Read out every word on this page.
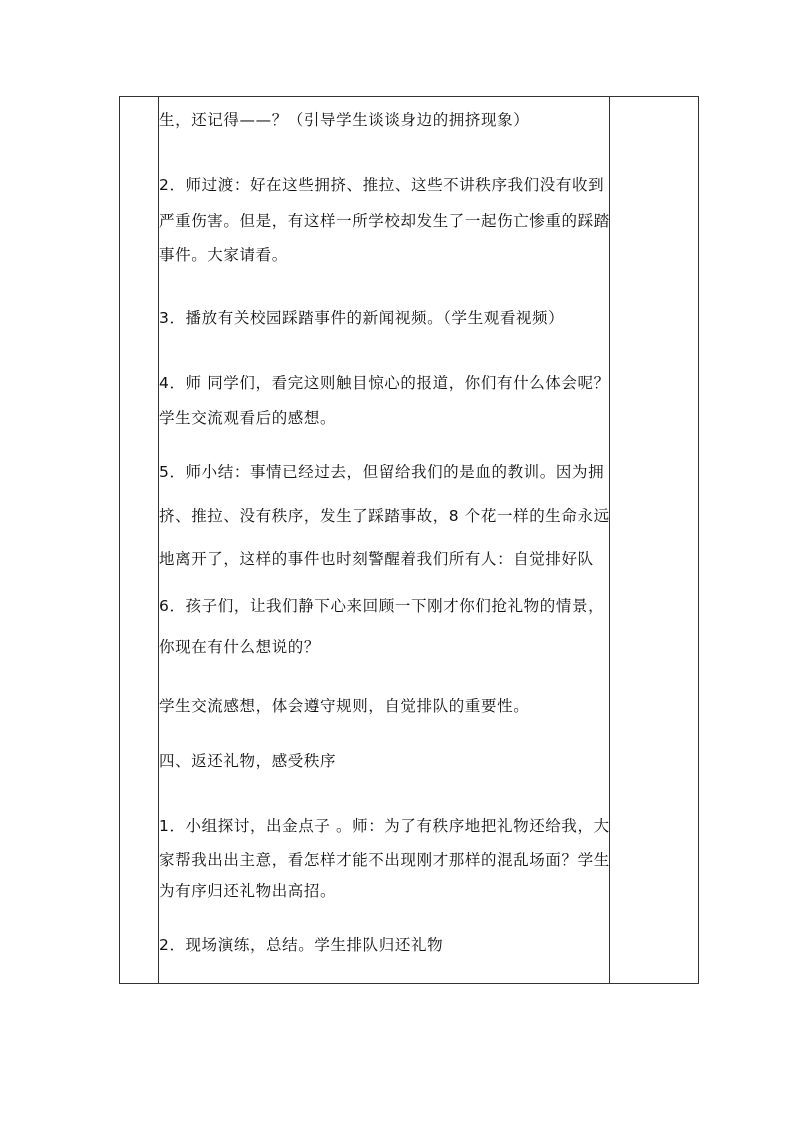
生，还记得——？（引导学生谈谈身边的拥挤现象）
2．师过渡：好在这些拥挤、推拉、这些不讲秩序我们没有收到
严重伤害。但是，有这样一所学校却发生了一起伤亡惨重的踩踏
事件。大家请看。
3．播放有关校园踩踏事件的新闻视频。（学生观看视频）
4．师 同学们，看完这则触目惊心的报道，你们有什么体会呢？
学生交流观看后的感想。
5．师小结：事情已经过去，但留给我们的是血的教训。因为拥
挤、推拉、没有秩序，发生了踩踏事故，8 个花一样的生命永远
地离开了，这样的事件也时刻警醒着我们所有人：自觉排好队
6．孩子们，让我们静下心来回顾一下刚才你们抢礼物的情景，
你现在有什么想说的？
学生交流感想，体会遵守规则，自觉排队的重要性。
四、返还礼物，感受秩序
1．小组探讨，出金点子 。师：为了有秩序地把礼物还给我，大
家帮我出出主意，看怎样才能不出现刚才那样的混乱场面？学生
为有序归还礼物出高招。
2．现场演练，总结。学生排队归还礼物
